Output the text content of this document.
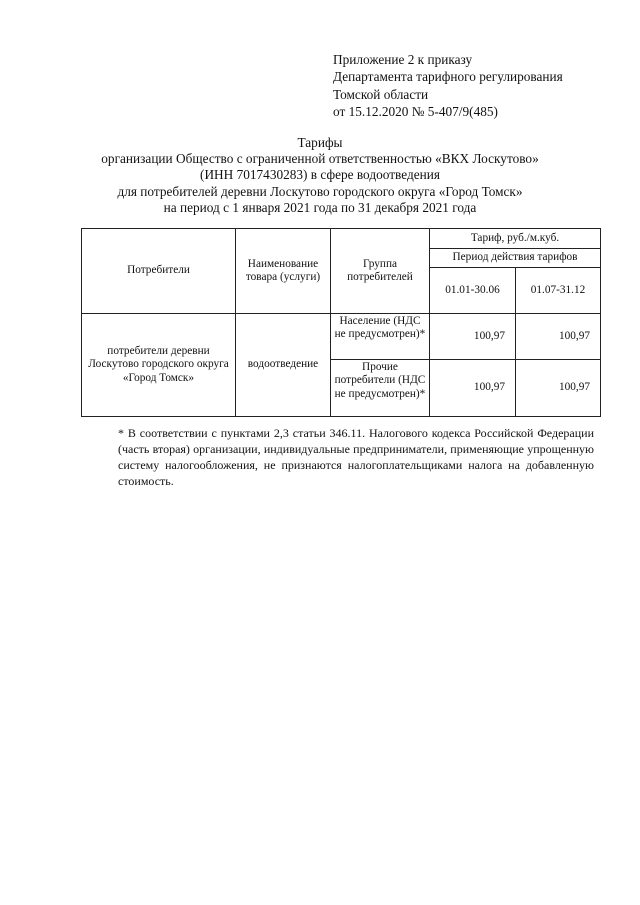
Приложение 2 к приказу
Департамента тарифного регулирования
Томской области
от 15.12.2020 № 5-407/9(485)
Тарифы
организации Общество с ограниченной ответственностью «ВКХ Лоскутово»
(ИНН 7017430283) в сфере водоотведения
для потребителей деревни Лоскутово городского округа «Город Томск»
на период с 1 января 2021 года по 31 декабря 2021 года
Потребители	Наименование товара (услуги)	Группа потребителей	Тариф, руб./м.куб.	
			Период действия тарифов	
			01.01-30.06	01.07-31.12
потребители деревни Лоскутово городского округа «Город Томск»	водоотведение	Население (НДС не предусмотрен)*	100,97	100,97
		Прочие потребители (НДС не предусмотрен)*	100,97	100,97
* В соответствии с пунктами 2,3 статьи 346.11. Налогового кодекса Российской Федерации (часть вторая) организации, индивидуальные предприниматели, применяющие упрощенную систему налогообложения, не признаются налогоплательщиками налога на добавленную стоимость.
